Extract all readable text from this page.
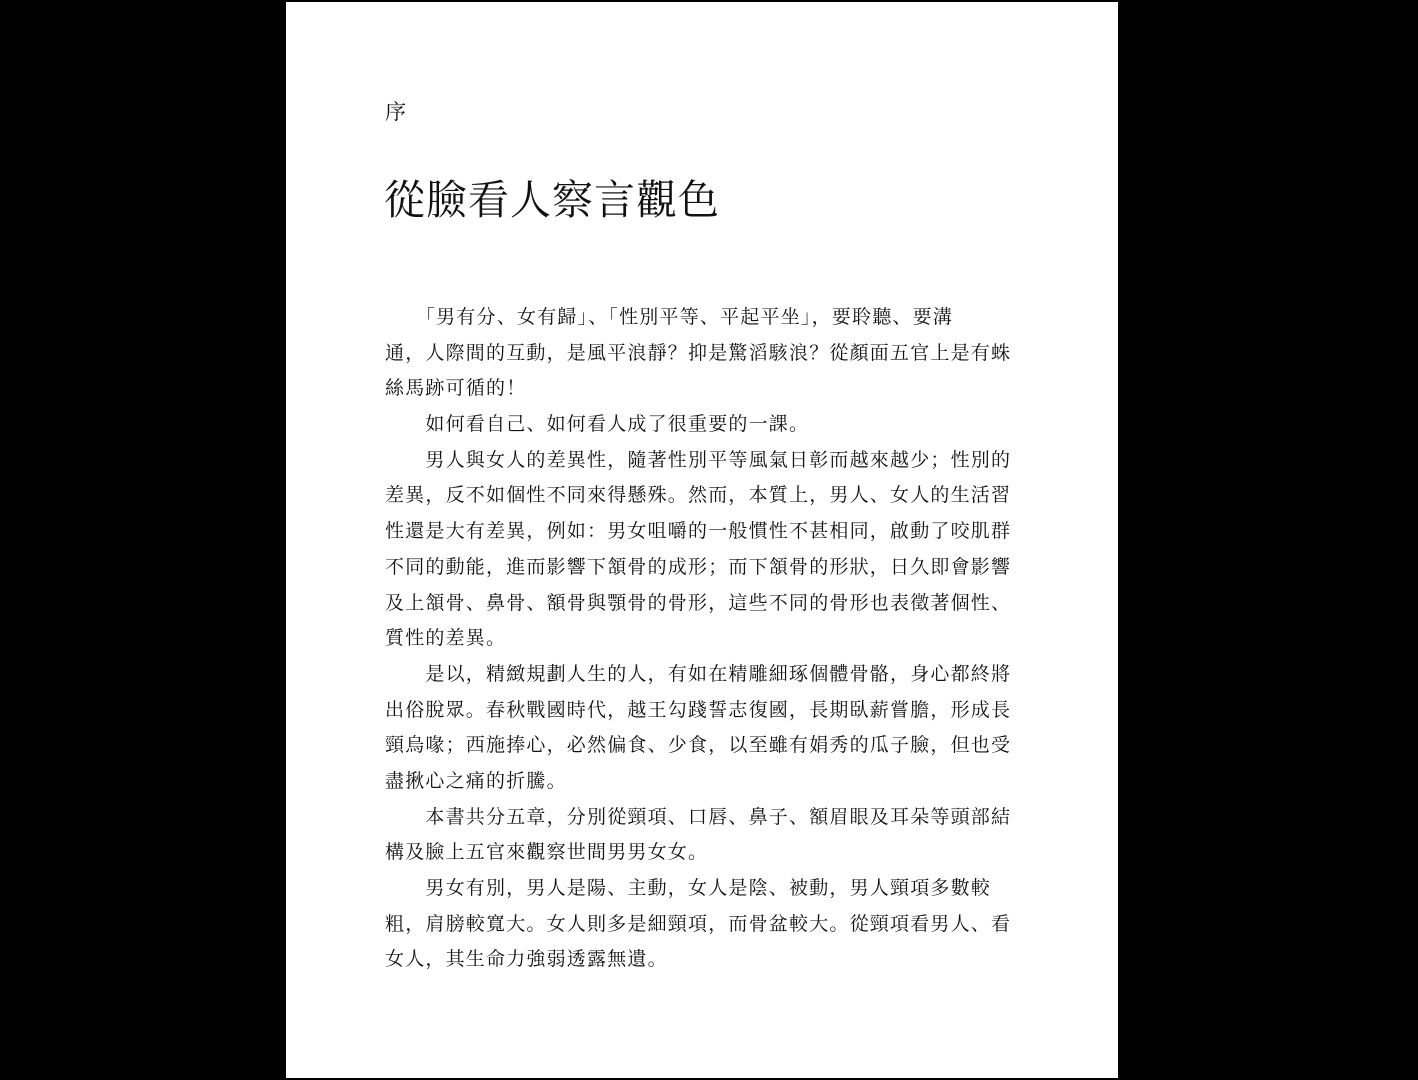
序
從臉看人察言觀色
　　「男有分、女有歸」、「性別平等、平起平坐」，要聆聽、要溝
通，人際間的互動，是風平浪靜？抑是驚滔駭浪？從顏面五官上是有蛛
絲馬跡可循的！
　　如何看自己、如何看人成了很重要的一課。
　　男人與女人的差異性，隨著性別平等風氣日彰而越來越少；性別的
差異，反不如個性不同來得懸殊。然而，本質上，男人、女人的生活習
性還是大有差異，例如：男女咀嚼的一般慣性不甚相同，啟動了咬肌群
不同的動能，進而影響下頷骨的成形；而下頷骨的形狀，日久即會影響
及上頷骨、鼻骨、額骨與顎骨的骨形，這些不同的骨形也表徵著個性、
質性的差異。
　　是以，精緻規劃人生的人，有如在精雕細琢個體骨骼，身心都終將
出俗脫眾。春秋戰國時代，越王勾踐誓志復國，長期臥薪嘗膽，形成長
頸烏喙；西施捧心，必然偏食、少食，以至雖有娟秀的瓜子臉，但也受
盡揪心之痛的折騰。
　　本書共分五章，分別從頸項、口唇、鼻子、額眉眼及耳朵等頭部結
構及臉上五官來觀察世間男男女女。
　　男女有別，男人是陽、主動，女人是陰、被動，男人頸項多數較
粗，肩膀較寬大。女人則多是細頸項，而骨盆較大。從頸項看男人、看
女人，其生命力強弱透露無遺。
